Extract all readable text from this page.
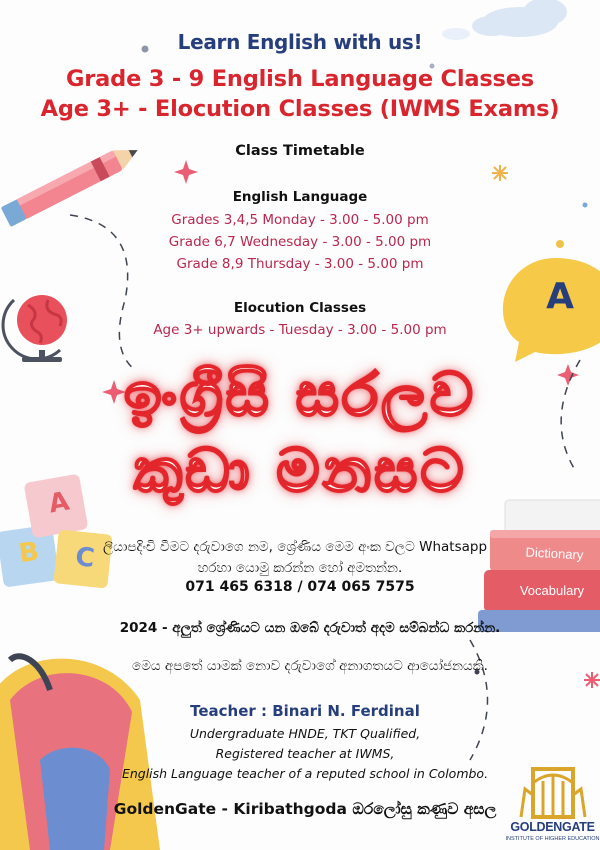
A
A
B C	Dictionary
Vocabulary
Learn English with us!
Grade 3 - 9 English Language Classes
Age 3+ - Elocution Classes (IWMS Exams)
Class Timetable
English Language
Grades 3,4,5 Monday - 3.00 - 5.00 pm
Grade 6,7 Wednesday - 3.00 - 5.00 pm
Grade 8,9 Thursday - 3.00 - 5.00 pm
Elocution Classes
Age 3+ upwards - Tuesday - 3.00 - 5.00 pm
ඉංග්‍රීසි සරලව
කුඩා මනසට
ලියාපදිංචි වීමට දරුවාගෙ නම, ශ්‍රේණිය මෙම අංක වලට Whatsapp
හරහා යොමු කරන්න හෝ අමතන්න.
071 465 6318 / 074 065 7575
2024 - අලුත් ශ්‍රේණියට යන ඔබේ දරුවාත් අදම සම්බන්ධ කරන්න.
මෙය අපතේ යාමක් නොව දරුවාගේ අනාගතයට ආයෝජනයකි.
Teacher : Binari N. Ferdinal
Undergraduate HNDE, TKT Qualified,
Registered teacher at IWMS,
English Language teacher of a reputed school in Colombo.
GoldenGate - Kiribathgoda ඔරලෝසු කණුව අසල
GOLDENGATE
INSTITUTE OF HIGHER EDUCATION
